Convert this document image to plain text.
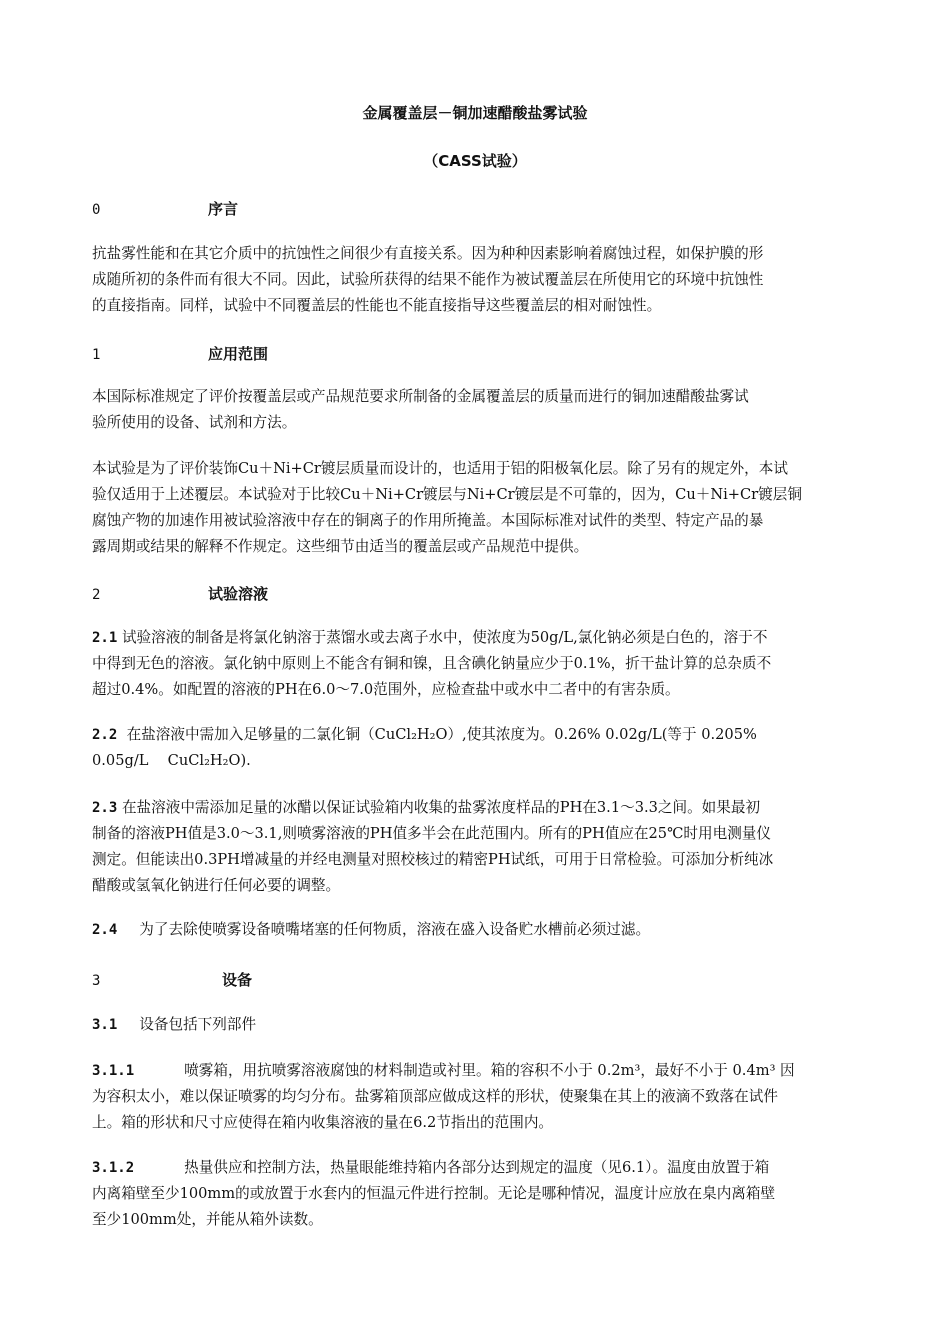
金属覆盖层－铜加速醋酸盐雾试验
（CASS试验）
0	序言
抗盐雾性能和在其它介质中的抗蚀性之间很少有直接关系。因为种种因素影响着腐蚀过程，如保护膜的形
成随所初的条件而有很大不同。因此，试验所获得的结果不能作为被试覆盖层在所使用它的环境中抗蚀性
的直接指南。同样，试验中不同覆盖层的性能也不能直接指导这些覆盖层的相对耐蚀性。
1	应用范围
本国际标准规定了评价按覆盖层或产品规范要求所制备的金属覆盖层的质量而进行的铜加速醋酸盐雾试
验所使用的设备、试剂和方法。
本试验是为了评价装饰Cu＋Ni+Cr镀层质量而设计的，也适用于铝的阳极氧化层。除了另有的规定外，本试
验仅适用于上述覆层。本试验对于比较Cu＋Ni+Cr镀层与Ni+Cr镀层是不可靠的，因为，Cu＋Ni+Cr镀层铜
腐蚀产物的加速作用被试验溶液中存在的铜离子的作用所掩盖。本国际标准对试件的类型、特定产品的暴
露周期或结果的解释不作规定。这些细节由适当的覆盖层或产品规范中提供。
2	试验溶液
2.1 试验溶液的制备是将氯化钠溶于蒸馏水或去离子水中，使浓度为50g/L,氯化钠必须是白色的，溶于不
中得到无色的溶液。氯化钠中原则上不能含有铜和镍，且含碘化钠量应少于0.1%，折干盐计算的总杂质不
超过0.4%。如配置的溶液的PH在6.0～7.0范围外，应检查盐中或水中二者中的有害杂质。
2.2 在盐溶液中需加入足够量的二氯化铜（CuCl₂H₂O）,使其浓度为。0.26% 0.02g/L(等于 0.205%
0.05g/L　 CuCl₂H₂O).
2.3 在盐溶液中需添加足量的冰醋以保证试验箱内收集的盐雾浓度样品的PH在3.1～3.3之间。如果最初
制备的溶液PH值是3.0～3.1,则喷雾溶液的PH值多半会在此范围内。所有的PH值应在25℃时用电测量仪
测定。但能读出0.3PH增减量的并经电测量对照校核过的精密PH试纸，可用于日常检验。可添加分析纯冰
醋酸或氢氧化钠进行任何必要的调整。
2.4 为了去除使喷雾设备喷嘴堵塞的任何物质，溶液在盛入设备贮水槽前必须过滤。
3	设备
3.1 设备包括下列部件
3.1.1	喷雾箱，用抗喷雾溶液腐蚀的材料制造或衬里。箱的容积不小于 0.2m³，最好不小于 0.4m³ 因
为容积太小，难以保证喷雾的均匀分布。盐雾箱顶部应做成这样的形状，使聚集在其上的液滴不致落在试件
上。箱的形状和尺寸应使得在箱内收集溶液的量在6.2节指出的范围内。
3.1.2	热量供应和控制方法，热量眼能维持箱内各部分达到规定的温度（见6.1）。温度由放置于箱
内离箱壁至少100mm的或放置于水套内的恒温元件进行控制。无论是哪种情况，温度计应放在臬内离箱壁
至少100mm处，并能从箱外读数。
